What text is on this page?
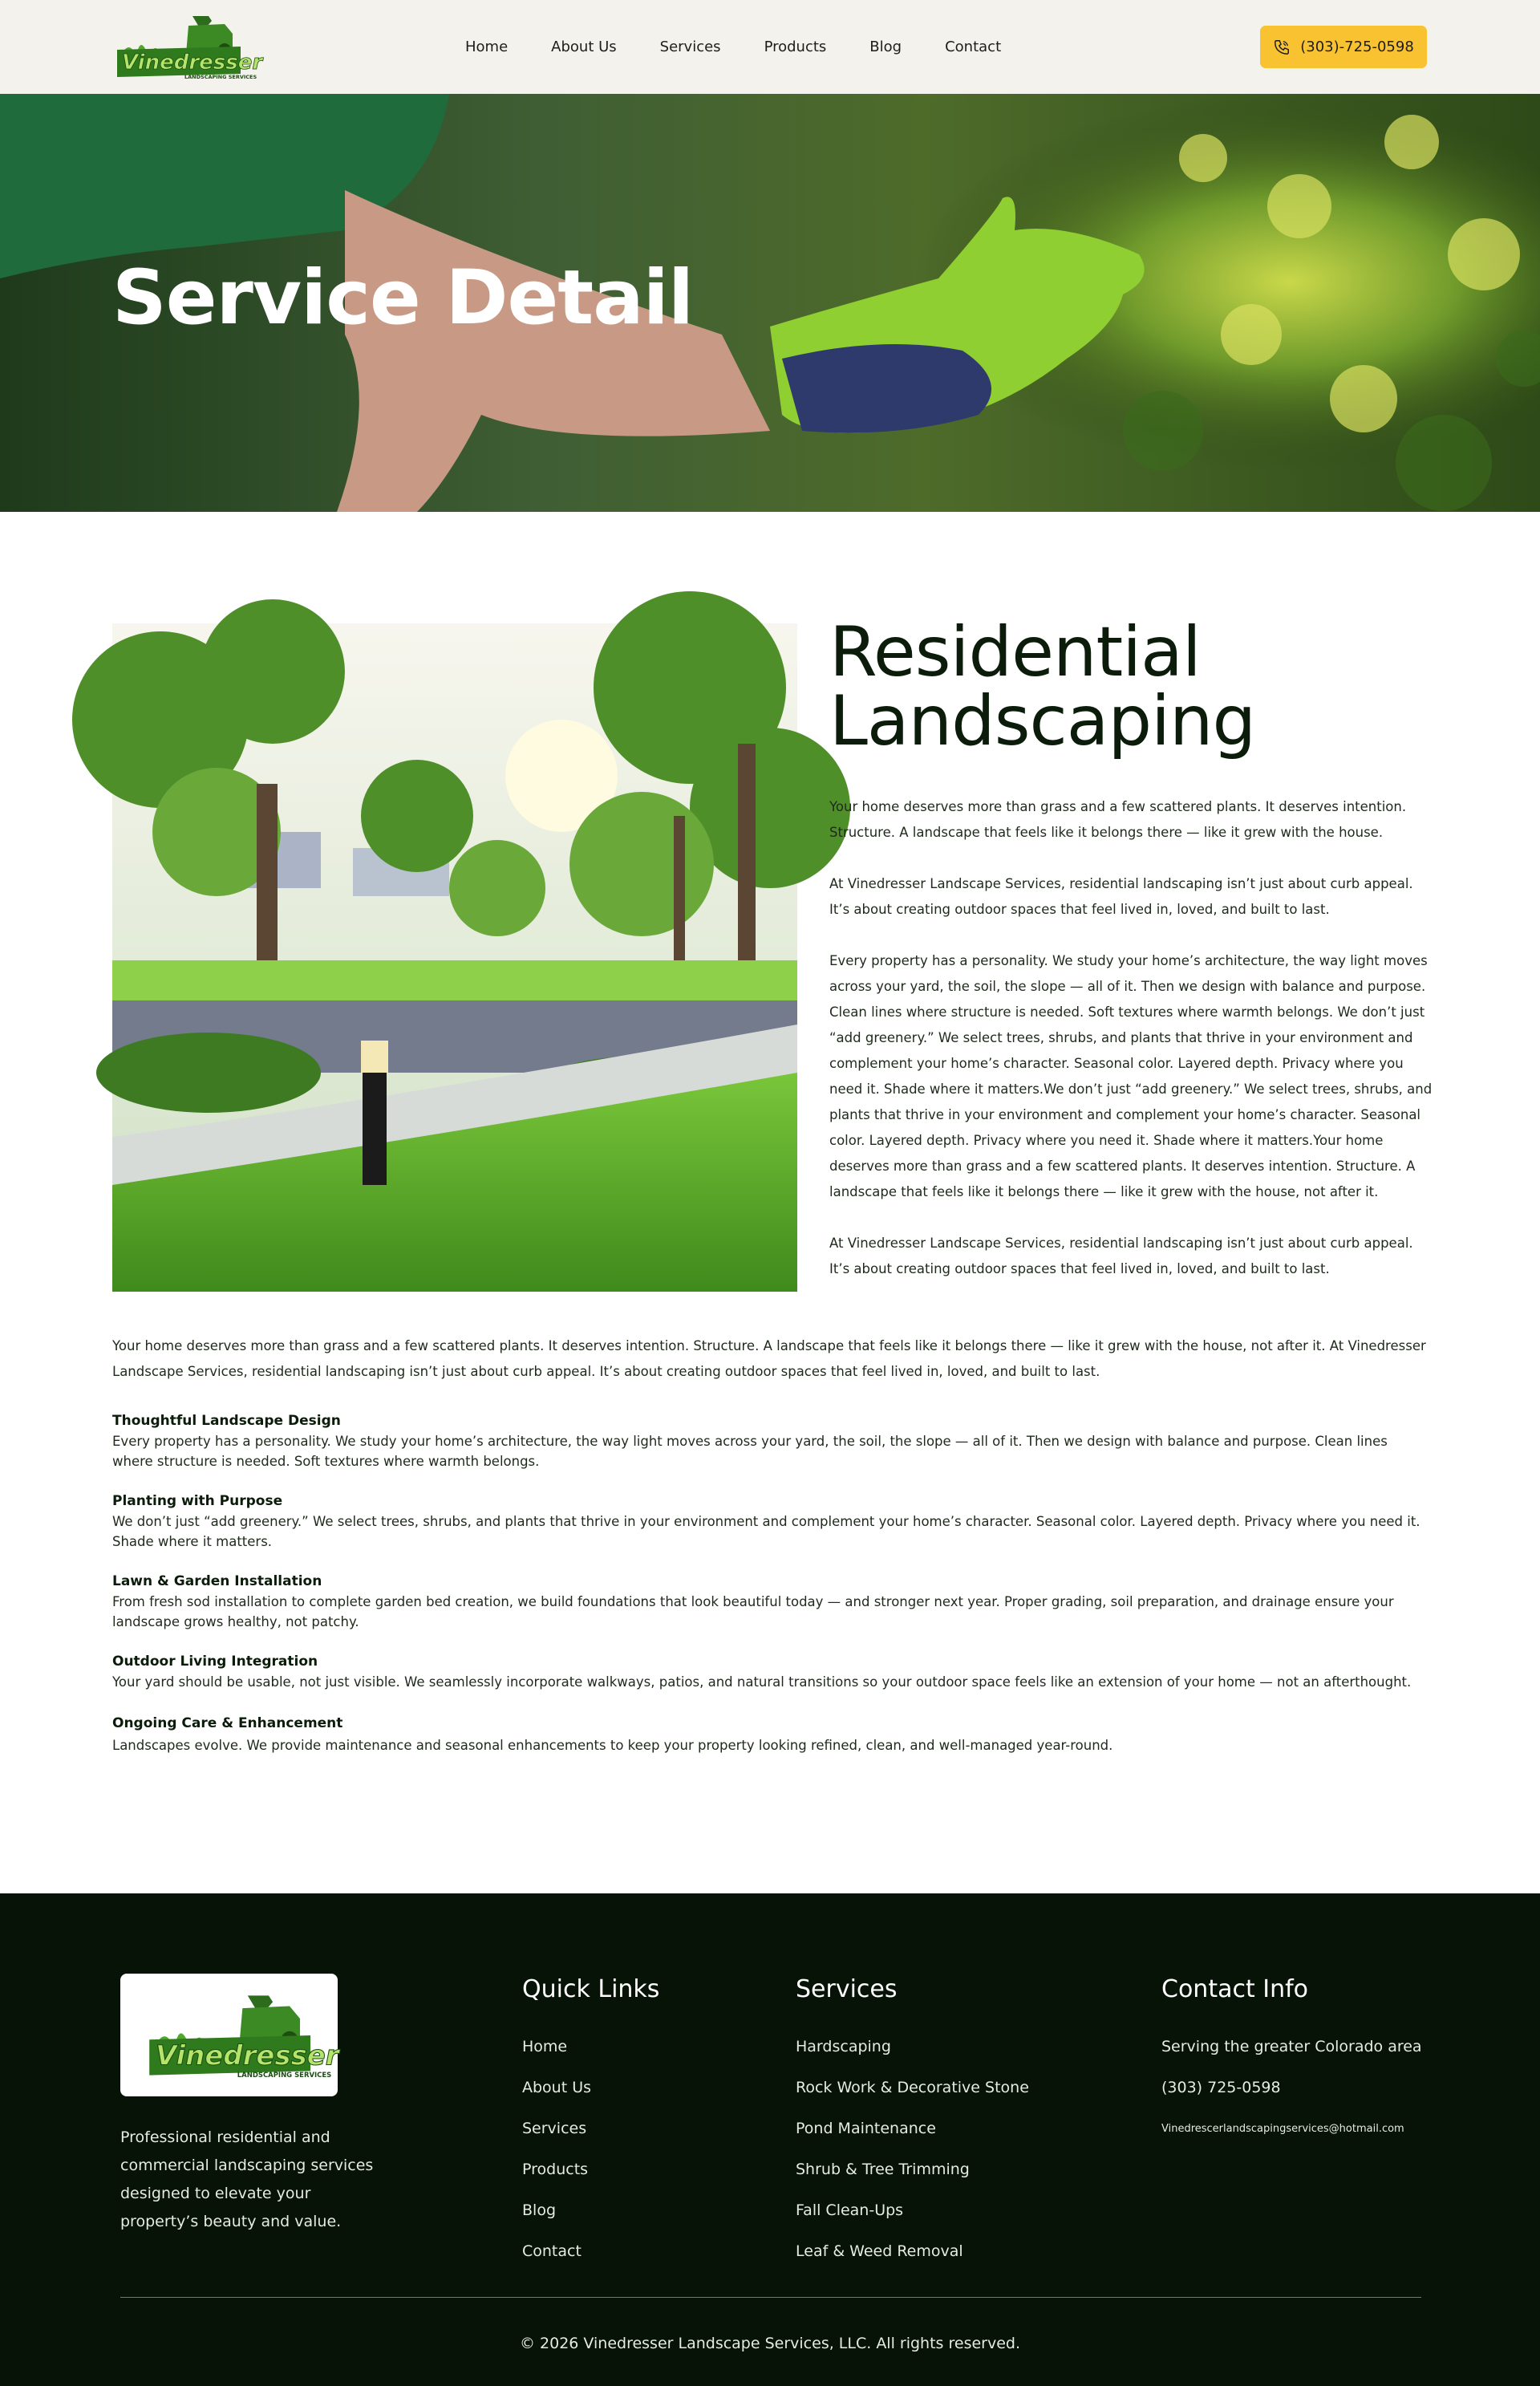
Vinedresser
LANDSCAPING SERVICES
Home	About Us	Services	Products	Blog	Contact	(303)-725-0598
Service Detail
Residential
Landscaping

Your home deserves more than grass and a few scattered plants. It deserves intention. Structure. A landscape that feels like it belongs there — like it grew with the house.

At Vinedresser Landscape Services, residential landscaping isn’t just about curb appeal. It’s about creating outdoor spaces that feel lived in, loved, and built to last.

Every property has a personality. We study your home’s architecture, the way light moves across your yard, the soil, the slope — all of it. Then we design with balance and purpose. Clean lines where structure is needed. Soft textures where warmth belongs. We don’t just “add greenery.” We select trees, shrubs, and plants that thrive in your environment and complement your home’s character. Seasonal color. Layered depth. Privacy where you need it. Shade where it matters.We don’t just “add greenery.” We select trees, shrubs, and plants that thrive in your environment and complement your home’s character. Seasonal color. Layered depth. Privacy where you need it. Shade where it matters.Your home deserves more than grass and a few scattered plants. It deserves intention. Structure. A landscape that feels like it belongs there — like it grew with the house, not after it.

At Vinedresser Landscape Services, residential landscaping isn’t just about curb appeal. It’s about creating outdoor spaces that feel lived in, loved, and built to last.

Your home deserves more than grass and a few scattered plants. It deserves intention. Structure. A landscape that feels like it belongs there — like it grew with the house, not after it. At Vinedresser Landscape Services, residential landscaping isn’t just about curb appeal. It’s about creating outdoor spaces that feel lived in, loved, and built to last.

Thoughtful Landscape Design

Every property has a personality. We study your home’s architecture, the way light moves across your yard, the soil, the slope — all of it. Then we design with balance and purpose. Clean lines where structure is needed. Soft textures where warmth belongs.

Planting with Purpose

We don’t just “add greenery.” We select trees, shrubs, and plants that thrive in your environment and complement your home’s character. Seasonal color. Layered depth. Privacy where you need it. Shade where it matters.

Lawn & Garden Installation

From fresh sod installation to complete garden bed creation, we build foundations that look beautiful today — and stronger next year. Proper grading, soil preparation, and drainage ensure your landscape grows healthy, not patchy.

Outdoor Living Integration

Your yard should be usable, not just visible. We seamlessly incorporate walkways, patios, and natural transitions so your outdoor space feels like an extension of your home — not an afterthought.

Ongoing Care & Enhancement

Landscapes evolve. We provide maintenance and seasonal enhancements to keep your property looking refined, clean, and well-managed year-round.

Vinedresser
LANDSCAPING SERVICES

Professional residential and commercial landscaping services designed to elevate your property’s beauty and value.

Quick Links
Home
About Us
Services
Products
Blog
Contact
Services
Hardscaping
Rock Work & Decorative Stone
Pond Maintenance
Shrub & Tree Trimming
Fall Clean-Ups
Leaf & Weed Removal
Contact Info
Serving the greater Colorado area
(303) 725-0598
Vinedrescerlandscapingservices@hotmail.com
© 2026 Vinedresser Landscape Services, LLC. All rights reserved.
